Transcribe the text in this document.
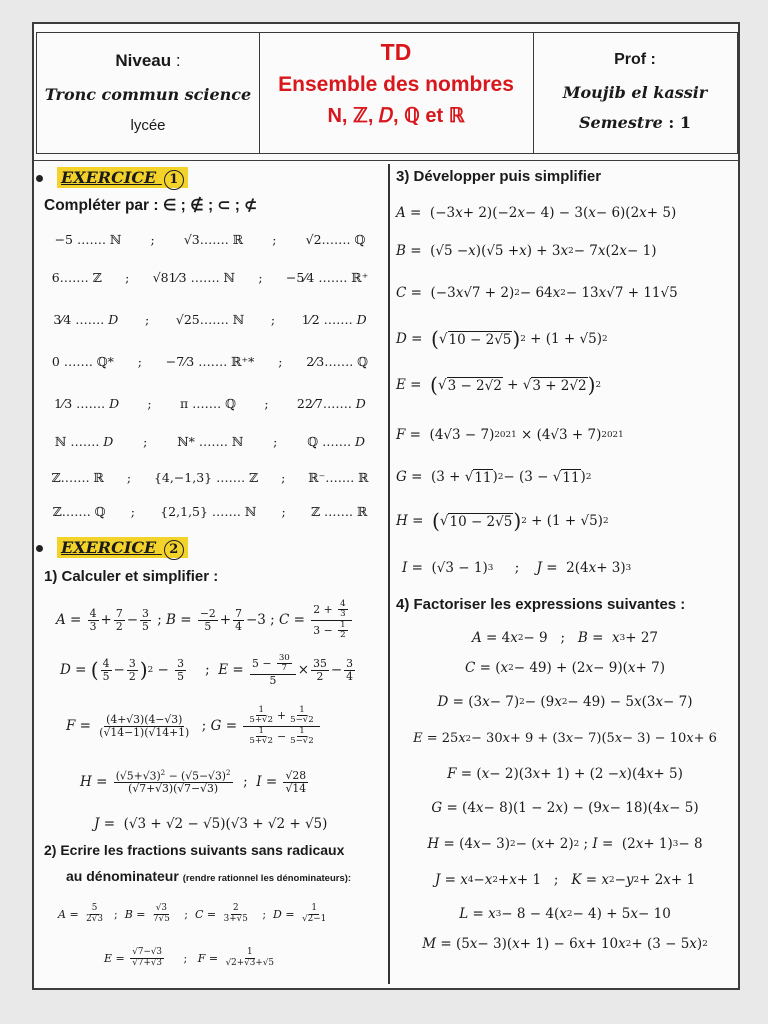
Niveau :
Tronc commun science
lycée
TD
Ensemble des nombres
N, ℤ, 𝐷, ℚ et ℝ
Prof :
Moujib el kassir
Semestre : 1
EXERCICE 1
Compléter par : ∈ ; ∉ ; ⊂ ; ⊄
−5 ……. ℕ ; √3……. ℝ ; √2……. ℚ
6……. ℤ ; √81⁄3 ……. ℕ ; −5⁄4 ……. ℝ⁺
3⁄4 ……. 𝐷 ; √25……. ℕ ; 1⁄2 ……. 𝐷
0 ……. ℚ* ; −7⁄3 ……. ℝ⁺* ; 2⁄3……. ℚ
1⁄3 ……. 𝐷 ; π ……. ℚ ; 22⁄7……. 𝐷
ℕ ……. 𝐷 ; ℕ* ……. ℕ ; ℚ ……. 𝐷
ℤ……. ℝ ; {4,−1,3} ……. ℤ ; ℝ⁻……. ℝ
ℤ……. ℚ ; {2,1,5} ……. ℕ ; ℤ ……. ℝ
EXERCICE 2
1) Calculer et simplifier :
$A = \frac{4}{3} + \frac{7}{2} - \frac{3}{5}$ ; $B = \frac{-2}{5} + \frac{7}{4} -3$ ; $C = \frac{2 + \frac{4}{3}}{3 - \frac{1}{2}}$
D = ( $\frac{4}{5} - \frac{3}{2}$ ) $2 - \frac{3}{5}$ ; $E = \frac{5 - \frac{30}{7}}{5} \times \frac{35}{2} - \frac{3}{4}$
$F = \frac{(4+√3)(4-√3)}{(√14-1)(√14+1)}$ ; $G = \frac{\frac{1}{5+√2} + \frac{1}{5-√2}}{\frac{1}{5+√2} - \frac{1}{5-√2}}$
$H = \frac{(√5+√3)^2 - (√5-√3)^2}{(√7+√3)(√7-√3)}$ ; $I = \frac{√28}{√14}$
J =  (√3 + √2 − √5)(√3 + √2 + √5)
2) Ecrire les fractions suivants sans radicaux
au dénominateur (rendre rationnel les dénominateurs):
$A = \frac{5}{2√3}$ ; $B = \frac{√3}{7√5}$ ; $C = \frac{2}{3+√5}$ ; $D = \frac{1}{√2-1}$
$E = \frac{√7-√3}{√7+√3}$ ; $F = \frac{1}{√2+√3+√5}$
3) Développer puis simplifier
A =  (−3 x + 2)(−2 x − 4) − 3( x − 6)(2 x + 5)
B =  (√5 − x )(√5 + x ) + 3 x 2 − 7 x (2 x − 1)
C =  (−3 x √7 + 2) 2 − 64 x 2 − 13 x √7 + 11√5
D = ( √ 10 − 2√5 ) 2 + (1 + √5) 2
E = ( √ 3 − 2√2 + √ 3 + 2√2 ) 2
F =  (4√3 − 7) 2021 × (4√3 + 7) 2021
G =  (3 + √ 11 ) 2 − (3 − √ 11 ) 2
H = ( √ 10 − 2√5 ) 2 + (1 + √5) 2
I =  (√3 − 1) 3 ; J =  2(4 x + 3) 3
4) Factoriser les expressions suivantes :
A = 4 x 2 − 9   ; B = x 3 + 27
C = ( x 2 − 49) + (2 x − 9)( x + 7)
D = (3 x − 7) 2 − (9 x 2 − 49) − 5 x (3 x − 7)
E = 25 x 2 − 30 x + 9 + (3 x − 7)(5 x − 3) − 10 x + 6
F = ( x − 2)(3 x + 1) + (2 − x )(4 x + 5)
G = (4 x − 8)(1 − 2 x ) − (9 x − 18)(4 x − 5)
H = (4 x − 3) 2 − ( x + 2) 2 ; I =  (2 x + 1) 3 − 8
J = x 4 − x 2 + x + 1   ; K = x 2 − y 2 + 2 x + 1
L = x 3 − 8 − 4( x 2 − 4) + 5 x − 10
M = (5 x − 3)( x + 1) − 6 x + 10 x 2 + (3 − 5 x ) 2
